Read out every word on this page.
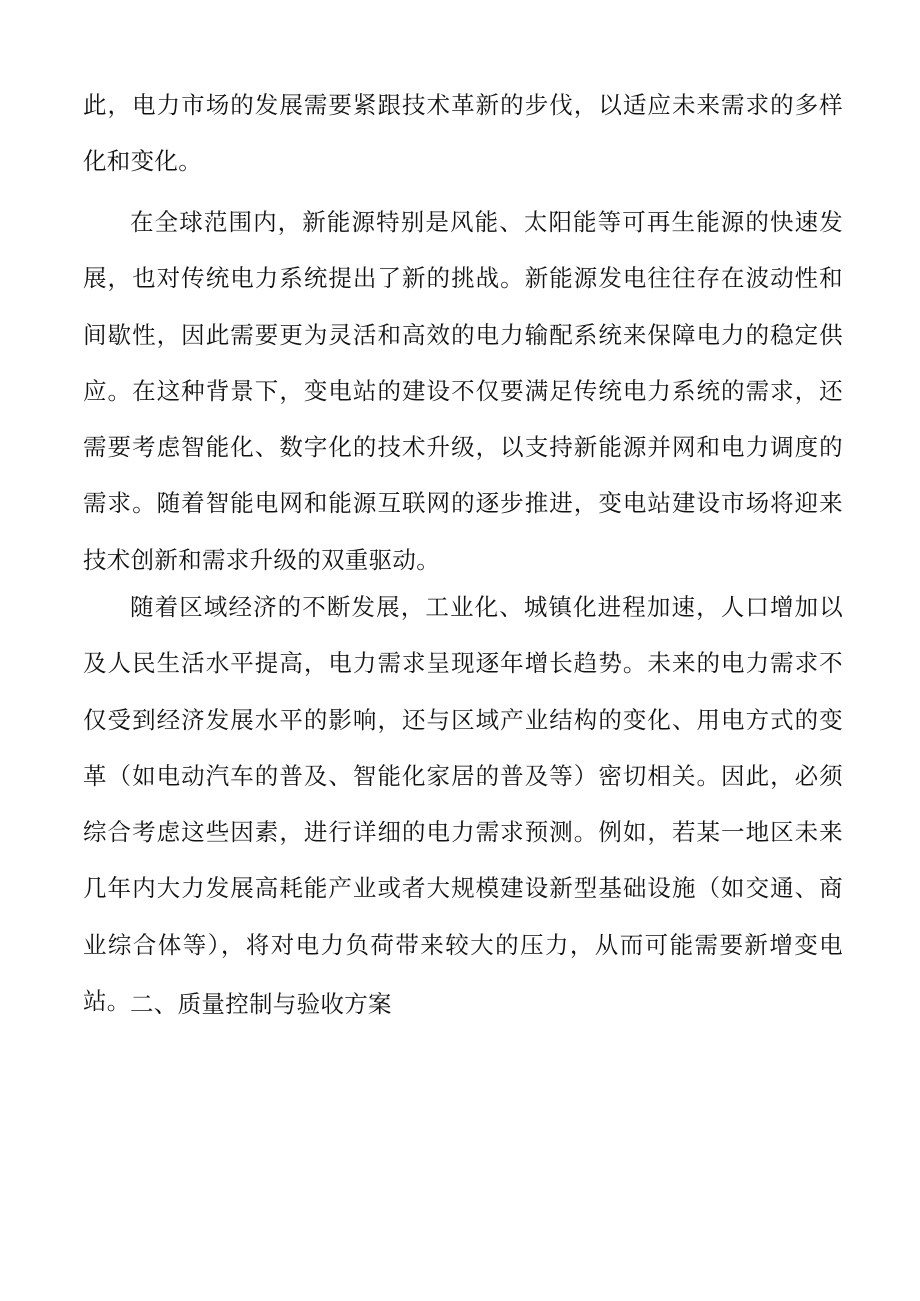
此，电力市场的发展需要紧跟技术革新的步伐，以适应未来需求的多样化和变化。

在全球范围内，新能源特别是风能、太阳能等可再生能源的快速发展，也对传统电力系统提出了新的挑战。新能源发电往往存在波动性和间歇性，因此需要更为灵活和高效的电力输配系统来保障电力的稳定供应。在这种背景下，变电站的建设不仅要满足传统电力系统的需求，还需要考虑智能化、数字化的技术升级，以支持新能源并网和电力调度的需求。随着智能电网和能源互联网的逐步推进，变电站建设市场将迎来技术创新和需求升级的双重驱动。

随着区域经济的不断发展，工业化、城镇化进程加速，人口增加以及人民生活水平提高，电力需求呈现逐年增长趋势。未来的电力需求不仅受到经济发展水平的影响，还与区域产业结构的变化、用电方式的变革（如电动汽车的普及、智能化家居的普及等）密切相关。因此，必须综合考虑这些因素，进行详细的电力需求预测。例如，若某一地区未来几年内大力发展高耗能产业或者大规模建设新型基础设施（如交通、商业综合体等），将对电力负荷带来较大的压力，从而可能需要新增变电站。 二、质量控制与验收方案
